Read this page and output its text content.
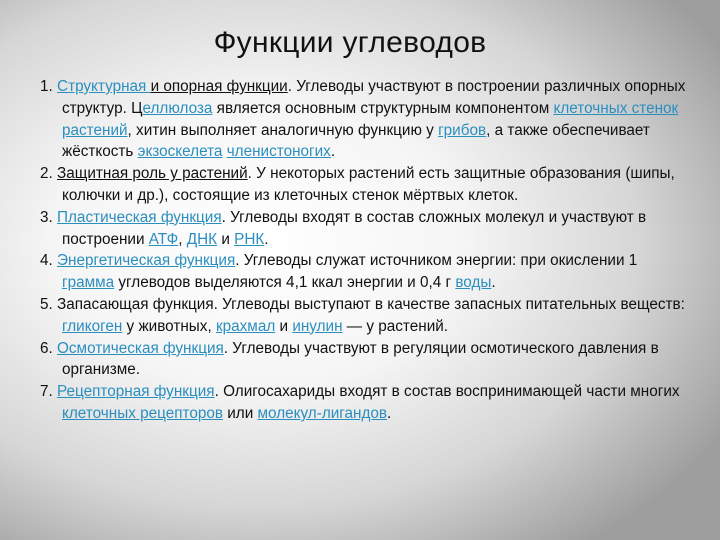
Функции углеводов

1. Структурная и опорная функции. Углеводы участвуют в построении различных опорных структур. Целлюлоза является основным структурным компонентом клеточных стенок растений, хитин выполняет аналогичную функцию у грибов, а также обеспечивает жёсткость экзоскелета членистоногих.

2. Защитная роль у растений. У некоторых растений есть защитные образования (шипы, колючки и др.), состоящие из клеточных стенок мёртвых клеток.

3. Пластическая функция. Углеводы входят в состав сложных молекул и участвуют в построении АТФ, ДНК и РНК.

4. Энергетическая функция. Углеводы служат источником энергии: при окислении 1 грамма углеводов выделяются 4,1 ккал энергии и 0,4 г воды.

5. Запасающая функция. Углеводы выступают в качестве запасных питательных веществ: гликоген у животных, крахмал и инулин — у растений.

6. Осмотическая функция. Углеводы участвуют в регуляции осмотического давления в организме.

7. Рецепторная функция. Олигосахариды входят в состав воспринимающей части многих клеточных рецепторов или молекул-лигандов.
